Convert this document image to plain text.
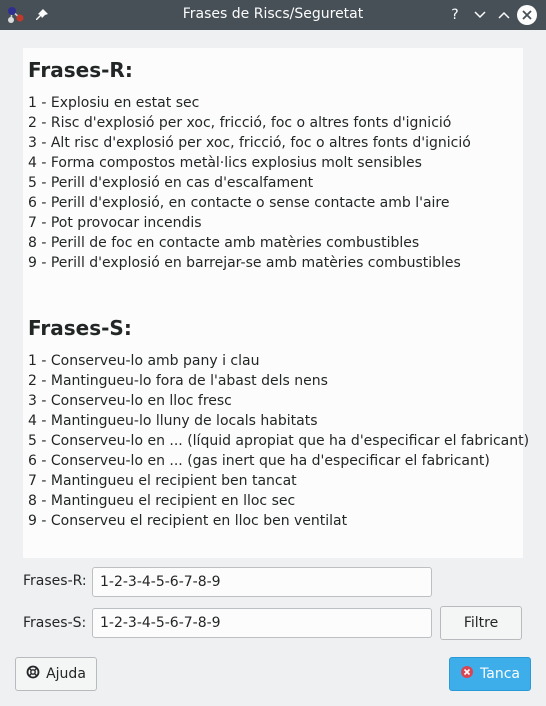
Frases de Riscs/Seguretat	?
Frases-R:
1 - Explosiu en estat sec
2 - Risc d'explosió per xoc, fricció, foc o altres fonts d'ignició
3 - Alt risc d'explosió per xoc, fricció, foc o altres fonts d'ignició
4 - Forma compostos metàl·lics explosius molt sensibles
5 - Perill d'explosió en cas d'escalfament
6 - Perill d'explosió, en contacte o sense contacte amb l'aire
7 - Pot provocar incendis
8 - Perill de foc en contacte amb matèries combustibles
9 - Perill d'explosió en barrejar-se amb matèries combustibles
Frases-S:
1 - Conserveu-lo amb pany i clau
2 - Mantingueu-lo fora de l'abast dels nens
3 - Conserveu-lo en lloc fresc
4 - Mantingueu-lo lluny de locals habitats
5 - Conserveu-lo en ... (líquid apropiat que ha d'especificar el fabricant)
6 - Conserveu-lo en ... (gas inert que ha d'especificar el fabricant)
7 - Mantingueu el recipient ben tancat
8 - Mantingueu el recipient en lloc sec
9 - Conserveu el recipient en lloc ben ventilat
Frases-R: 1-2-3-4-5-6-7-8-9
Frases-S: 1-2-3-4-5-6-7-8-9	Filtre
Ajuda	Tanca
